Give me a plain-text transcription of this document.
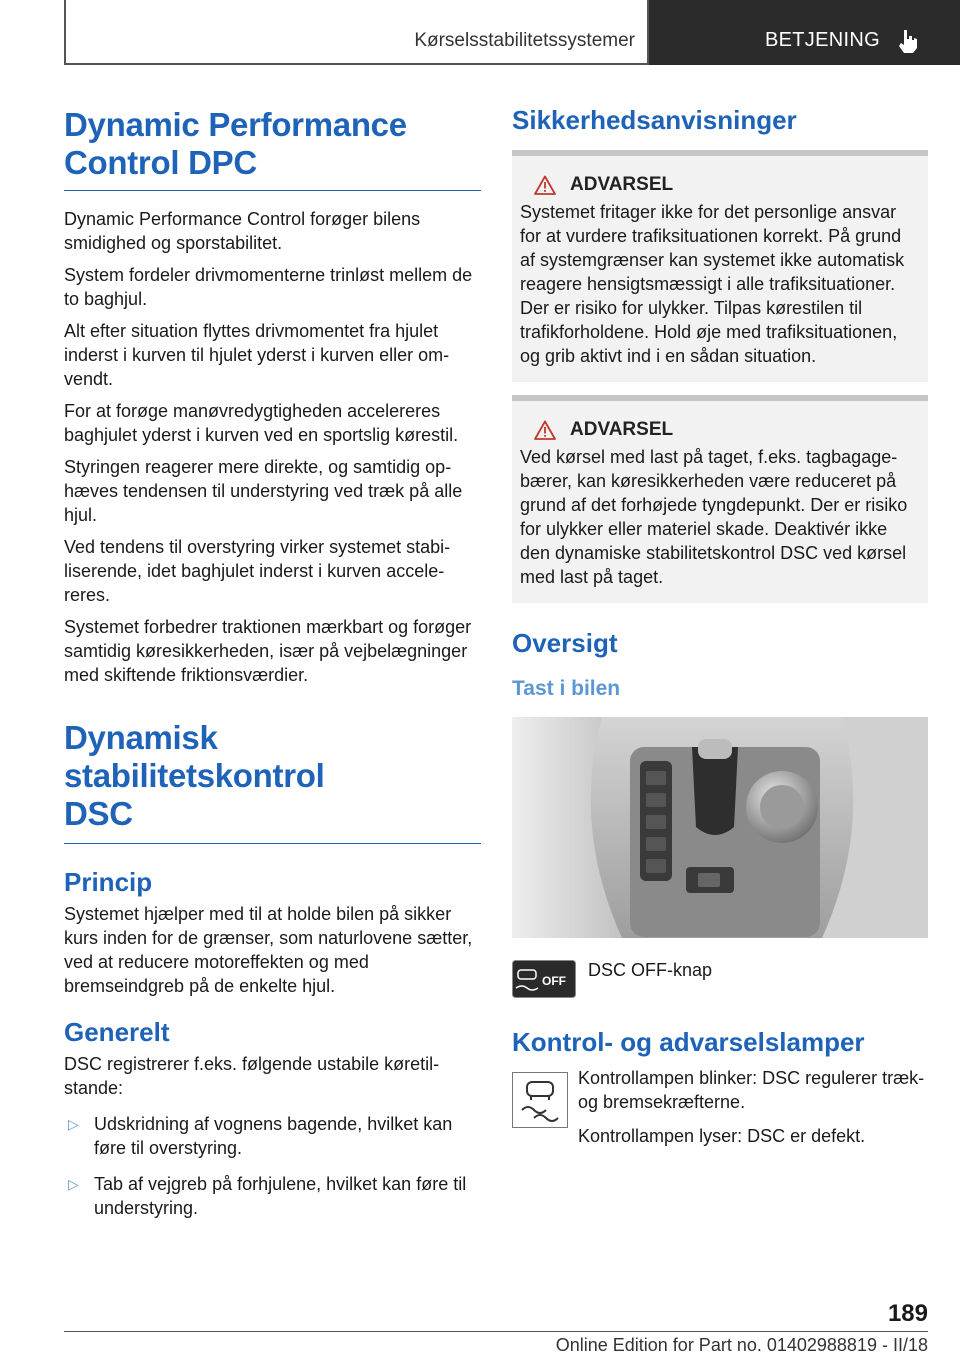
Kørselsstabilitetssystemer	BETJENING
Dynamic Performance
Control DPC

Dynamic Performance Control forøger bilens smidighed og sporstabilitet.

System fordeler drivmomenterne trinløst mellem de to baghjul.

Alt efter situation flyttes drivmomentet fra hjulet inderst i kurven til hjulet yderst i kurven eller omvendt.

For at forøge manøvredygtigheden accelereres baghjulet yderst i kurven ved en sportslig kørestil.

Styringen reagerer mere direkte, og samtidig ophæves tendensen til understyring ved træk på alle hjul.

Ved tendens til overstyring virker systemet stabiliserende, idet baghjulet inderst i kurven accelereres.

Systemet forbedrer traktionen mærkbart og forøger samtidig køresikkerheden, især på vejbelægninger med skiftende friktionsværdier.

Dynamisk stabilitetskontrol
DSC
Princip

Systemet hjælper med til at holde bilen på sikker kurs inden for de grænser, som naturlovene sætter, ved at reducere motoreffekten og med bremseindgreb på de enkelte hjul.

Generelt

DSC registrerer f.eks. følgende ustabile køretilstande:

▷ Udskridning af vognens bagende, hvilket kan føre til overstyring.
▷ Tab af vejgreb på forhjulene, hvilket kan føre til understyring.
Sikkerhedsanvisninger
ADVARSEL

Systemet fritager ikke for det personlige ansvar for at vurdere trafiksituationen korrekt. På grund af systemgrænser kan systemet ikke automatisk reagere hensigtsmæssigt i alle trafiksituationer. Der er risiko for ulykker. Tilpas kørestilen til trafikforholdene. Hold øje med trafiksituationen, og grib aktivt ind i en sådan situation.

ADVARSEL

Ved kørsel med last på taget, f.eks. tagbagagebærer, kan køresikkerheden være reduceret på grund af det forhøjede tyngdepunkt. Der er risiko for ulykker eller materiel skade. Deaktivér ikke den dynamiske stabilitetskontrol DSC ved kørsel med last på taget.

Oversigt
Tast i bilen
OFF
DSC OFF-knap
Kontrol- og advarselslamper

Kontrollampen blinker: DSC regulerer træk- og bremsekræfterne.

Kontrollampen lyser: DSC er defekt.

189
Online Edition for Part no. 01402988819 - II/18
